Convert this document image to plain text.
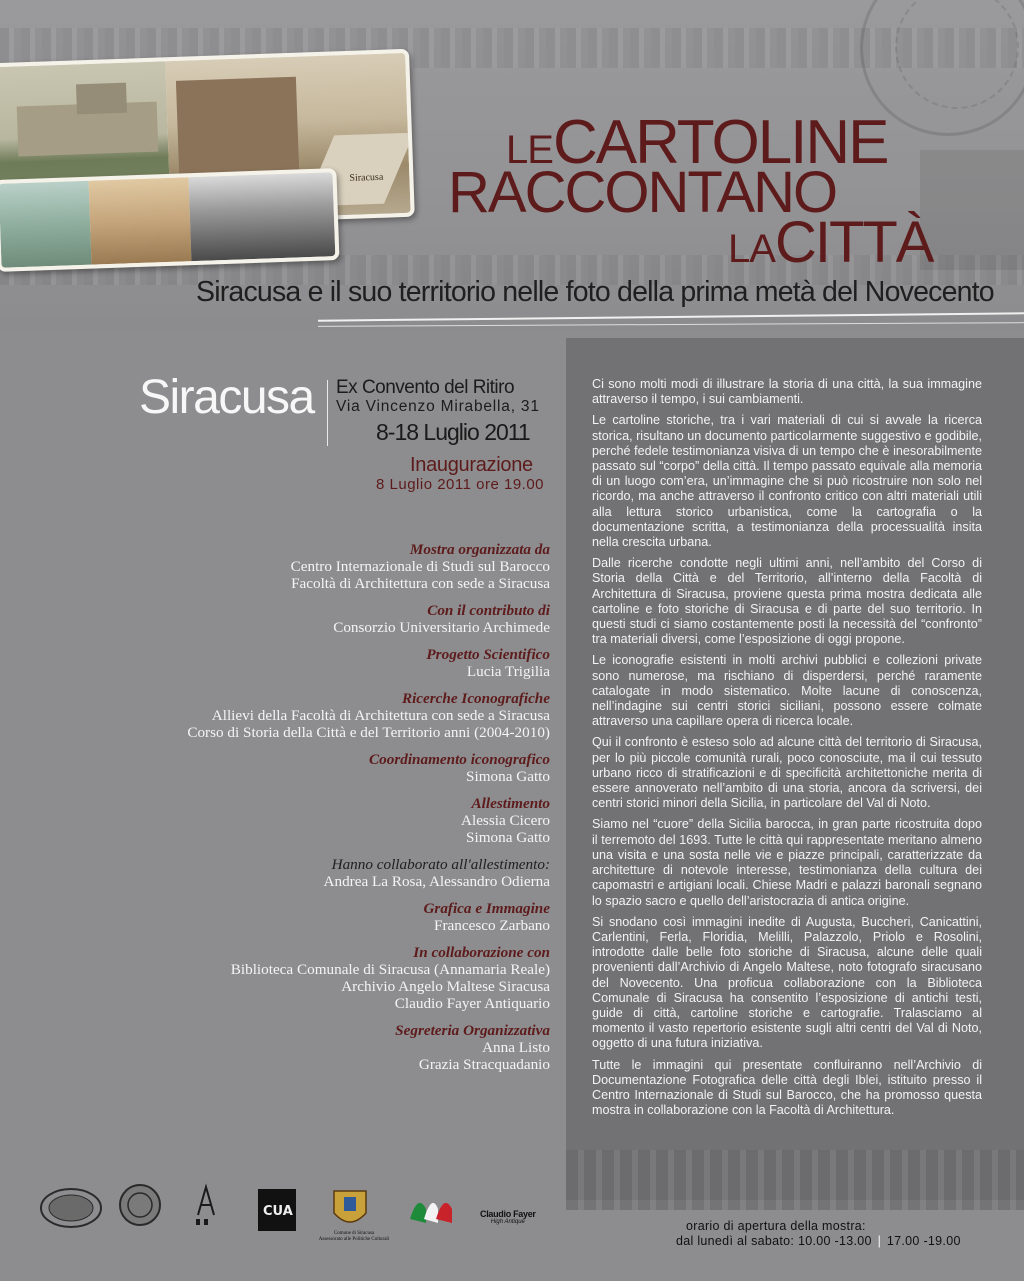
Siracusa
LECARTOLINE
RACCONTANO
LACITTÀ
Siracusa e il suo territorio nelle foto della prima metà del Novecento

Ci sono molti modi di illustrare la storia di una città, la sua immagine attraverso il tempo, i sui cambiamenti.

Le cartoline storiche, tra i vari materiali di cui si avvale la ricerca storica, risultano un documento particolarmente suggestivo e godibile, perché fedele testimonianza visiva di un tempo che è inesorabilmente passato sul “corpo” della città. Il tempo passato equivale alla memoria di un luogo com’era, un’immagine che si può ricostruire non solo nel ricordo, ma anche attraverso il confronto critico con altri materiali utili alla lettura storico urbanistica, come la cartografia o la documentazione scritta, a testimonianza della processualità insita nella crescita urbana.

Dalle ricerche condotte negli ultimi anni, nell’ambito del Corso di Storia della Città e del Territorio, all’interno della Facoltà di Architettura di Siracusa, proviene questa prima mostra dedicata alle cartoline e foto storiche di Siracusa e di parte del suo territorio. In questi studi ci siamo costantemente posti la necessità del “confronto” tra materiali diversi, come l’esposizione di oggi propone.

Le iconografie esistenti in molti archivi pubblici e collezioni private sono numerose, ma rischiano di disperdersi, perché raramente catalogate in modo sistematico. Molte lacune di conoscenza, nell’indagine sui centri storici siciliani, possono essere colmate attraverso una capillare opera di ricerca locale.

Qui il confronto è esteso solo ad alcune città del territorio di Siracusa, per lo più piccole comunità rurali, poco conosciute, ma il cui tessuto urbano ricco di stratificazioni e di specificità architettoniche merita di essere annoverato nell’ambito di una storia, ancora da scriversi, dei centri storici minori della Sicilia, in particolare del Val di Noto.

Siamo nel “cuore” della Sicilia barocca, in gran parte ricostruita dopo il terremoto del 1693. Tutte le città qui rappresentate meritano almeno una visita e una sosta nelle vie e piazze principali, caratterizzate da architetture di notevole interesse, testimonianza della cultura dei capomastri e artigiani locali. Chiese Madri e palazzi baronali segnano lo spazio sacro e quello dell’aristocrazia di antica origine.

Si snodano così immagini inedite di Augusta, Buccheri, Canicattini, Carlentini, Ferla, Floridia, Melilli, Palazzolo, Priolo e Rosolini, introdotte dalle belle foto storiche di Siracusa, alcune delle quali provenienti dall’Archivio di Angelo Maltese, noto fotografo siracusano del Novecento. Una proficua collaborazione con la Biblioteca Comunale di Siracusa ha consentito l’esposizione di antichi testi, guide di città, cartoline storiche e cartografie. Tralasciamo al momento il vasto repertorio esistente sugli altri centri del Val di Noto, oggetto di una futura iniziativa.

Tutte le immagini qui presentate confluiranno nell’Archivio di Documentazione Fotografica delle città degli Iblei, istituito presso il Centro Internazionale di Studi sul Barocco, che ha promosso questa mostra in collaborazione con la Facoltà di Architettura.

Siracusa Ex Convento del Ritiro
Via Vincenzo Mirabella, 31
8-18 Luglio 2011
Inaugurazione
8 Luglio 2011 ore 19.00
Mostra organizzata da
Centro Internazionale di Studi sul Barocco
Facoltà di Architettura con sede a Siracusa
Con il contributo di
Consorzio Universitario Archimede
Progetto Scientifico
Lucia Trigilia
Ricerche Iconografiche
Allievi della Facoltà di Architettura con sede a Siracusa
Corso di Storia della Città e del Territorio anni (2004-2010)
Coordinamento iconografico
Simona Gatto
Allestimento
Alessia Cicero
Simona Gatto
Hanno collaborato all'allestimento:
Andrea La Rosa, Alessandro Odierna
Grafica e Immagine
Francesco Zarbano
In collaborazione con
Biblioteca Comunale di Siracusa (Annamaria Reale)
Archivio Angelo Maltese Siracusa
Claudio Fayer Antiquario
Segreteria Organizzativa
Anna Listo
Grazia Stracquadanio
CUA
Comune di Siracusa
Assessorato alle Politiche Culturali
Claudio Fayer
High Antique	orario di apertura della mostra:
dal lunedì al sabato: 10.00 -13.00 | 17.00 -19.00
